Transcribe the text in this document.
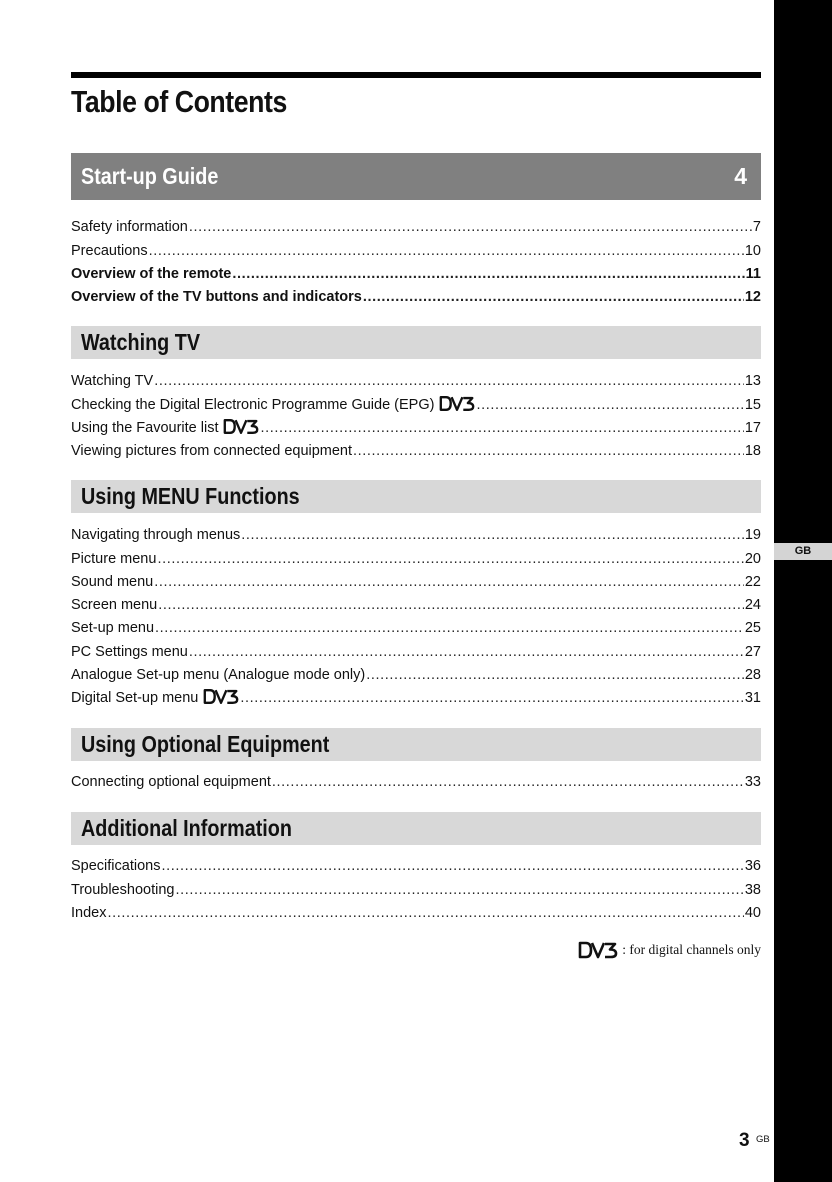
GB
Table of Contents
Start-up Guide	4
Safety information .....	7
Precautions .....	10
Overview of the remote .....	11
Overview of the TV buttons and indicators .....	12
Watching TV
Watching TV .....	13
Checking the Digital Electronic Programme Guide (EPG) .....	15
Using the Favourite list .....	17
Viewing pictures from connected equipment .....	18
Using MENU Functions
Navigating through menus .....	19
Picture menu .....	20
Sound menu .....	22
Screen menu .....	24
Set-up menu .....	25
PC Settings menu .....	27
Analogue Set-up menu (Analogue mode only) .....	28
Digital Set-up menu .....	31
Using Optional Equipment
Connecting optional equipment .....	33
Additional Information
Specifications .....	36
Troubleshooting .....	38
Index .....	40
: for digital channels only
3 GB
